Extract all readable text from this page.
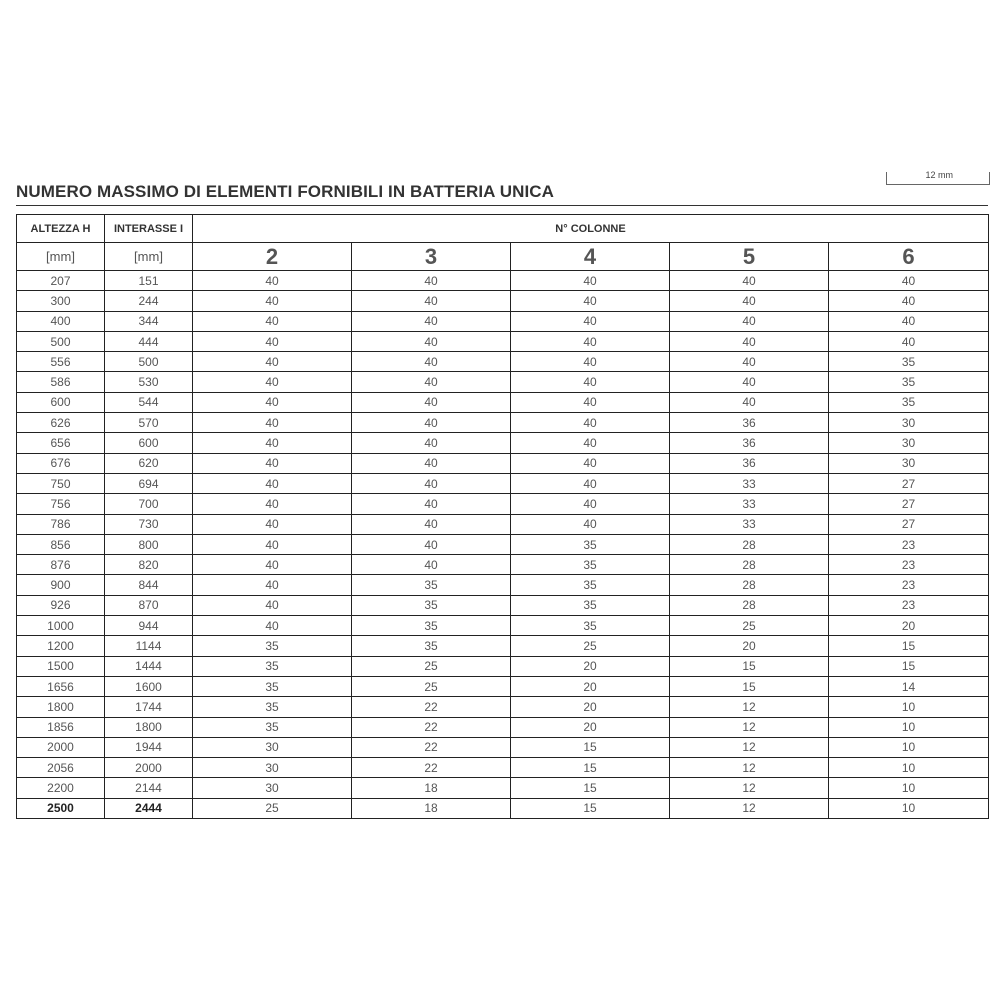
12 mm
NUMERO MASSIMO DI ELEMENTI FORNIBILI IN BATTERIA UNICA
ALTEZZA H	INTERASSE I	N° COLONNE				
[mm]	[mm]	2	3	4	5	6
207	151	40	40	40	40	40
300	244	40	40	40	40	40
400	344	40	40	40	40	40
500	444	40	40	40	40	40
556	500	40	40	40	40	35
586	530	40	40	40	40	35
600	544	40	40	40	40	35
626	570	40	40	40	36	30
656	600	40	40	40	36	30
676	620	40	40	40	36	30
750	694	40	40	40	33	27
756	700	40	40	40	33	27
786	730	40	40	40	33	27
856	800	40	40	35	28	23
876	820	40	40	35	28	23
900	844	40	35	35	28	23
926	870	40	35	35	28	23
1000	944	40	35	35	25	20
1200	1144	35	35	25	20	15
1500	1444	35	25	20	15	15
1656	1600	35	25	20	15	14
1800	1744	35	22	20	12	10
1856	1800	35	22	20	12	10
2000	1944	30	22	15	12	10
2056	2000	30	22	15	12	10
2200	2144	30	18	15	12	10
2500	2444	25	18	15	12	10
